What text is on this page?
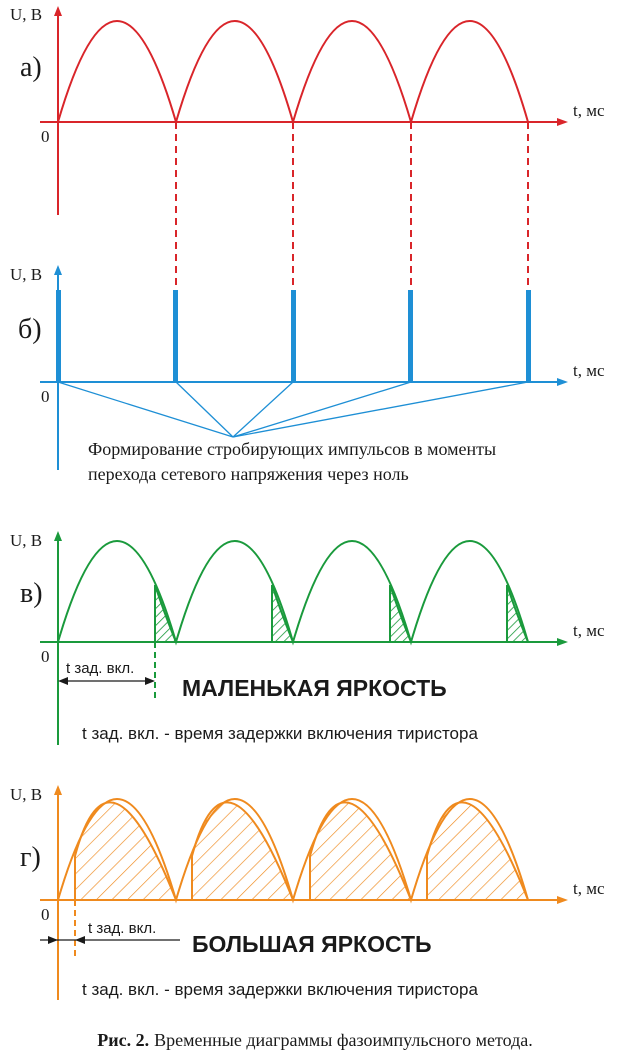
U, В
t, мс
0
а)
U, В
t, мс
0
б)
Формирование стробирующих импульсов в моменты
перехода сетевого напряжения через ноль
U, В
t, мс
0
в)
t зад. вкл.
МАЛЕНЬКАЯ ЯРКОСТЬ
t зад. вкл. - время задержки включения тиристора
U, В
t, мс
0
г)
t зад. вкл.
БОЛЬШАЯ ЯРКОСТЬ
t зад. вкл. - время задержки включения тиристора
Рис. 2. Временные диаграммы фазоимпульсного метода.
